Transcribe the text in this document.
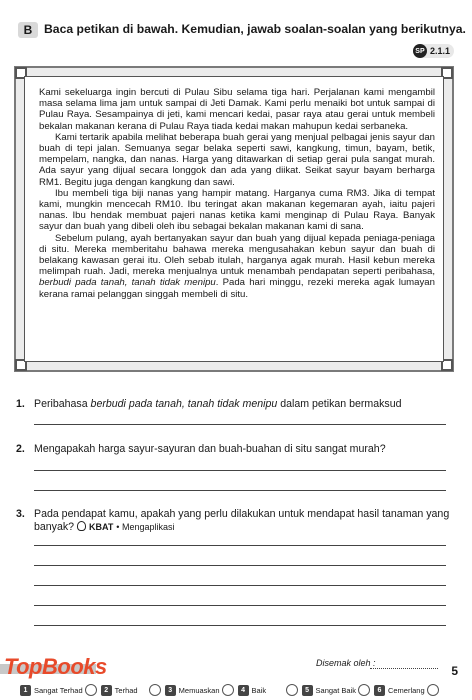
B Baca petikan di bawah. Kemudian, jawab soalan-soalan yang berikutnya.
SP 2.1.1

Kami sekeluarga ingin bercuti di Pulau Sibu selama tiga hari. Perjalanan kami mengambil masa selama lima jam untuk sampai di Jeti Damak. Kami perlu menaiki bot untuk sampai di Pulau Raya. Sesampainya di jeti, kami mencari kedai, pasar raya atau gerai untuk membeli bekalan makanan kerana di Pulau Raya tiada kedai makan mahupun kedai serbaneka.

Kami tertarik apabila melihat beberapa buah gerai yang menjual pelbagai jenis sayur dan buah di tepi jalan. Semuanya segar belaka seperti sawi, kangkung, timun, bayam, betik, mempelam, nangka, dan nanas. Harga yang ditawarkan di setiap gerai pula sangat murah. Ada sayur yang dijual secara longgok dan ada yang diikat. Seikat sayur bayam berharga RM1. Begitu juga dengan kangkung dan sawi.

Ibu membeli tiga biji nanas yang hampir matang. Harganya cuma RM3. Jika di tempat kami, mungkin mencecah RM10. Ibu teringat akan makanan kegemaran ayah, iaitu pajeri nanas. Ibu hendak membuat pajeri nanas ketika kami menginap di Pulau Raya. Banyak sayur dan buah yang dibeli oleh ibu sebagai bekalan makanan kami di sana.

Sebelum pulang, ayah bertanyakan sayur dan buah yang dijual kepada peniaga-peniaga di situ. Mereka memberitahu bahawa mereka mengusahakan kebun sayur dan buah di belakang kawasan gerai itu. Oleh sebab itulah, harganya agak murah. Hasil kebun mereka melimpah ruah. Jadi, mereka menjualnya untuk menambah pendapatan seperti peribahasa, berbudi pada tanah, tanah tidak menipu. Pada hari minggu, rezeki mereka agak lumayan kerana ramai pelanggan singgah membeli di situ.

1. Peribahasa berbudi pada tanah, tanah tidak menipu dalam petikan bermaksud
2. Mengapakah harga sayur-sayuran dan buah-buahan di situ sangat murah?
3. Pada pendapat kamu, apakah yang perlu dilakukan untuk mendapat hasil tanaman yang banyak? KBAT • Mengaplikasi
TopBooks	Disemak oleh :
1 Sangat Terhad	2 Terhad	3 Memuaskan	4 Baik	5 Sangat Baik	6 Cemerlang
5
